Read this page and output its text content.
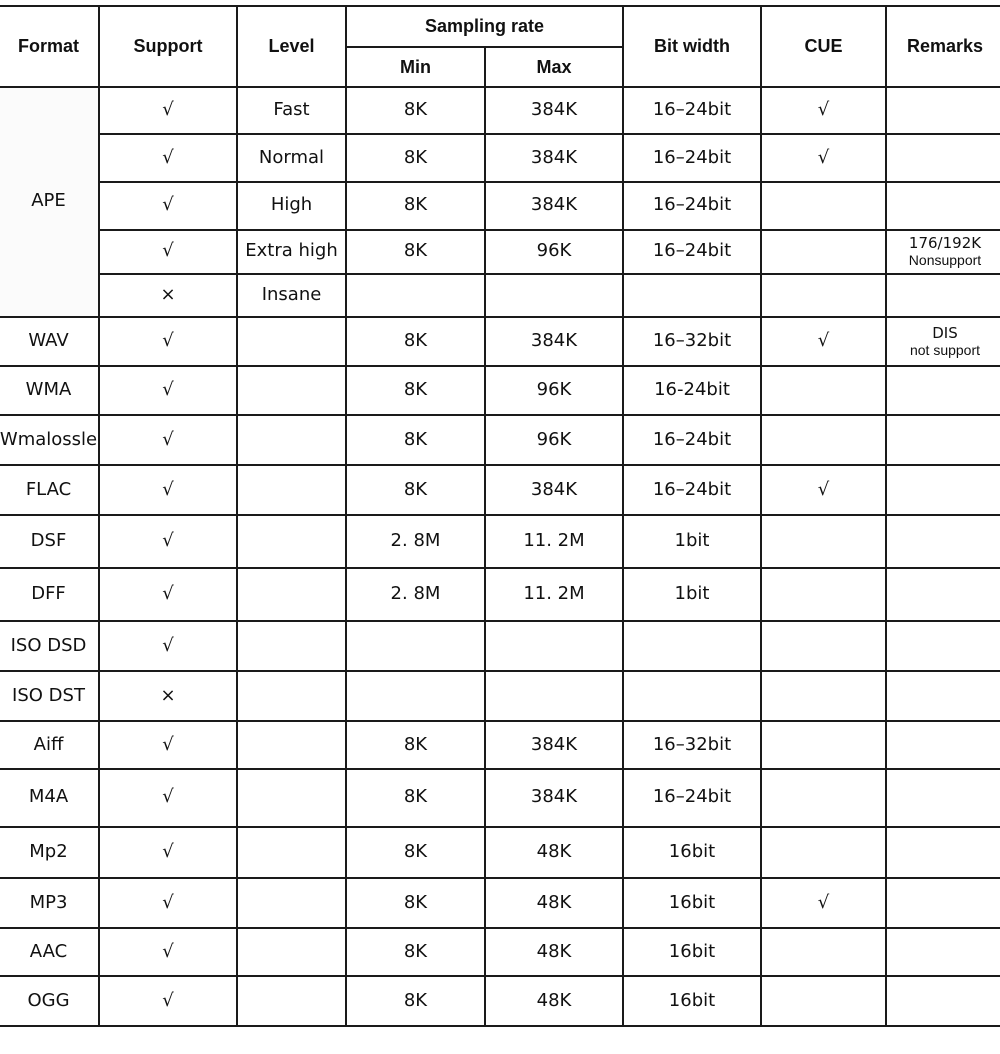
Format	Support	Level	Sampling rate		Bit width	CUE	Remarks
			Min	Max			
APE	√	Fast	8K	384K	16–24bit	√	

	√	Normal	8K	384K	16–24bit	√	

	√	High	8K	384K	16–24bit		

	√	Extra high	8K	96K	16–24bit		176/192K
Nonsupport

	×	Insane					

WAV	√		8K	384K	16–32bit	√	DIS
not support

WMA	√		8K	96K	16-24bit		

Wmalossle	√		8K	96K	16–24bit		

FLAC	√		8K	384K	16–24bit	√	

DSF	√		2. 8M	11. 2M	1bit		

DFF	√		2. 8M	11. 2M	1bit		

ISO DSD	√						

ISO DST	×						

Aiff	√		8K	384K	16–32bit		

M4A	√		8K	384K	16–24bit		

Mp2	√		8K	48K	16bit		

MP3	√		8K	48K	16bit	√	

AAC	√		8K	48K	16bit		

OGG	√		8K	48K	16bit		
